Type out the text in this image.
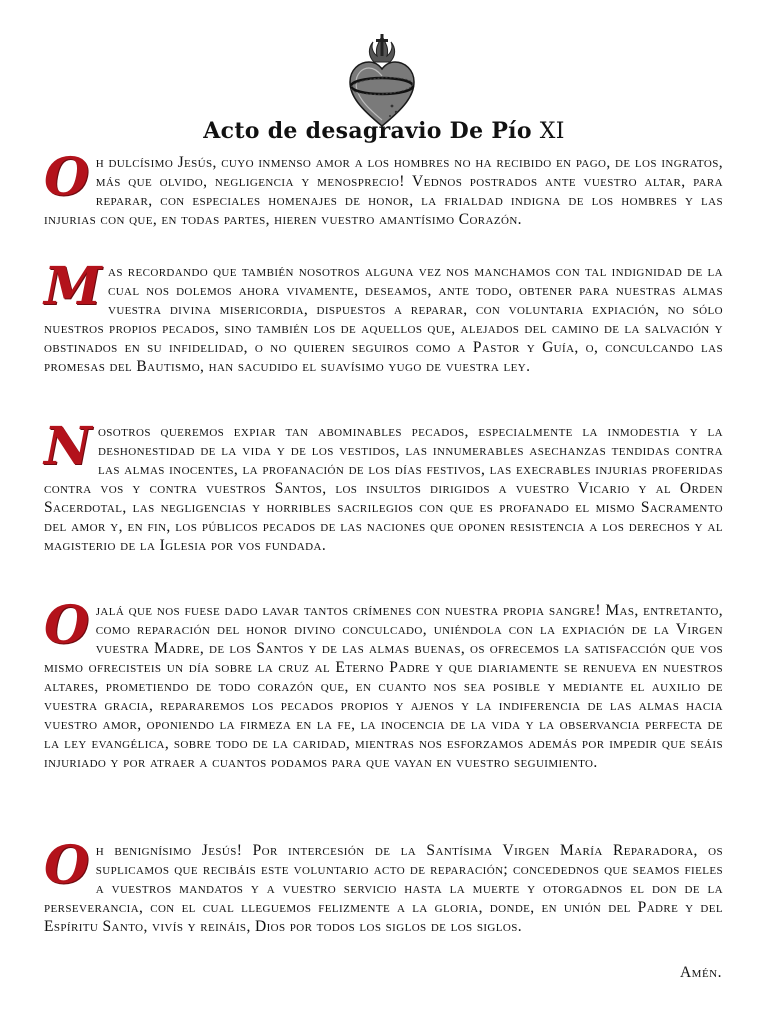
Acto de desagravio De Pío XI

Oh dulcísimo Jesús, cuyo inmenso amor a los hombres no ha recibido en pago, de los ingratos, más que olvido, negligencia y menosprecio! Vednos postrados ante vuestro altar, para reparar, con especiales homenajes de honor, la frialdad indigna de los hombres y las injurias con que, en todas partes, hieren vuestro amantísimo Corazón.

Mas recordando que también nosotros alguna vez nos manchamos con tal indignidad de la cual nos dolemos ahora vivamente, deseamos, ante todo, obtener para nuestras almas vuestra divina misericordia, dispuestos a reparar, con voluntaria expiación, no sólo nuestros propios pecados, sino también los de aquellos que, alejados del camino de la salvación y obstinados en su infidelidad, o no quieren seguiros como a Pastor y Guía, o, conculcando las promesas del Bautismo, han sacudido el suavísimo yugo de vuestra ley.

Nosotros queremos expiar tan abominables pecados, especialmente la inmodestia y la deshonestidad de la vida y de los vestidos, las innumerables asechanzas tendidas contra las almas inocentes, la profanación de los días festivos, las execrables injurias proferidas contra vos y contra vuestros Santos, los insultos dirigidos a vuestro Vicario y al Orden Sacerdotal, las negligencias y horribles sacrilegios con que es profanado el mismo Sacramento del amor y, en fin, los públicos pecados de las naciones que oponen resistencia a los derechos y al magisterio de la Iglesia por vos fundada.

Ojalá que nos fuese dado lavar tantos crímenes con nuestra propia sangre! Mas, entretanto, como reparación del honor divino conculcado, uniéndola con la expiación de la Virgen vuestra Madre, de los Santos y de las almas buenas, os ofrecemos la satisfacción que vos mismo ofrecisteis un día sobre la cruz al Eterno Padre y que diariamente se renueva en nuestros altares, prometiendo de todo corazón que, en cuanto nos sea posible y mediante el auxilio de vuestra gracia, repararemos los pecados propios y ajenos y la indiferencia de las almas hacia vuestro amor, oponiendo la firmeza en la fe, la inocencia de la vida y la observancia perfecta de la ley evangélica, sobre todo de la caridad, mientras nos esforzamos además por impedir que seáis injuriado y por atraer a cuantos podamos para que vayan en vuestro seguimiento.

Oh benignísimo Jesús! Por intercesión de la Santísima Virgen María Reparadora, os suplicamos que recibáis este voluntario acto de reparación; concedednos que seamos fieles a vuestros mandatos y a vuestro servicio hasta la muerte y otorgadnos el don de la perseverancia, con el cual lleguemos felizmente a la gloria, donde, en unión del Padre y del Espíritu Santo, vivís y reináis, Dios por todos los siglos de los siglos.

Amén.
